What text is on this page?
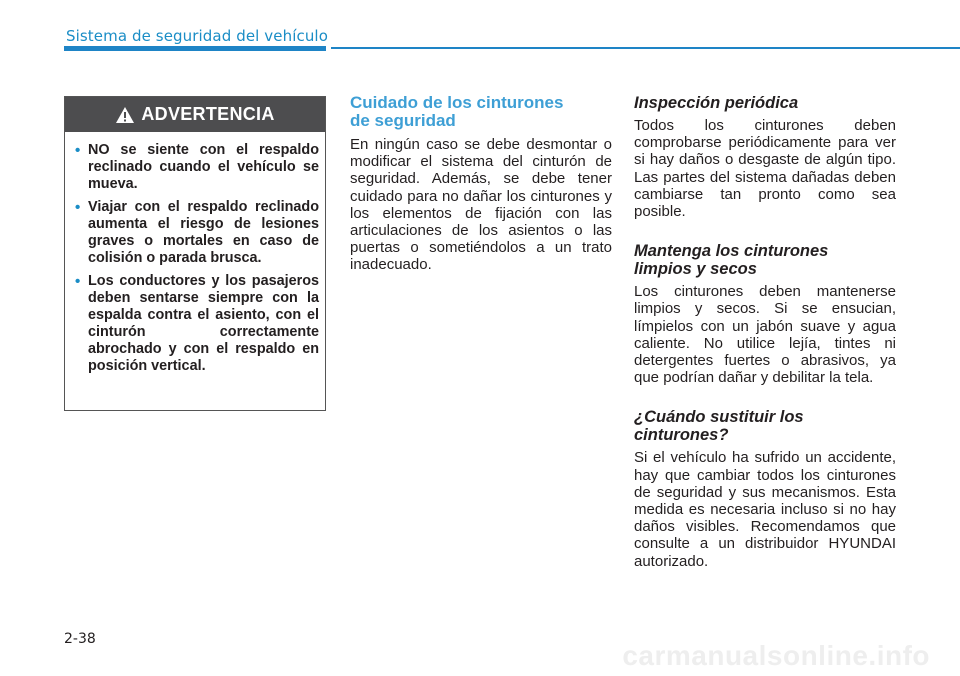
Sistema de seguridad del vehículo
ADVERTENCIA
• NO se siente con el respaldo reclinado cuando el vehículo se mueva.
• Viajar con el respaldo reclinado aumenta el riesgo de lesiones graves o mortales en caso de colisión o parada brusca.
• Los conductores y los pasajeros deben sentarse siempre con la espalda contra el asiento, con el cinturón correctamente abrochado y con el respaldo en posición vertical.
Cuidado de los cinturones
de seguridad

En ningún caso se debe desmontar o modificar el sistema del cinturón de seguridad. Además, se debe tener cuidado para no dañar los cinturones y los elementos de fijación con las articulaciones de los asientos o las puertas o sometiéndolos a un trato inadecuado.

Inspección periódica

Todos los cinturones deben comprobarse periódicamente para ver si hay daños o desgaste de algún tipo. Las partes del sistema dañadas deben cambiarse tan pronto como sea posible.

Mantenga los cinturones
limpios y secos

Los cinturones deben mantenerse limpios y secos. Si se ensucian, límpielos con un jabón suave y agua caliente. No utilice lejía, tintes ni detergentes fuertes o abrasivos, ya que podrían dañar y debilitar la tela.

¿Cuándo sustituir los
cinturones?

Si el vehículo ha sufrido un accidente, hay que cambiar todos los cinturones de seguridad y sus mecanismos. Esta medida es necesaria incluso si no hay daños visibles. Recomendamos que consulte a un distribuidor HYUNDAI autorizado.

2-38

carmanualsonline.info
